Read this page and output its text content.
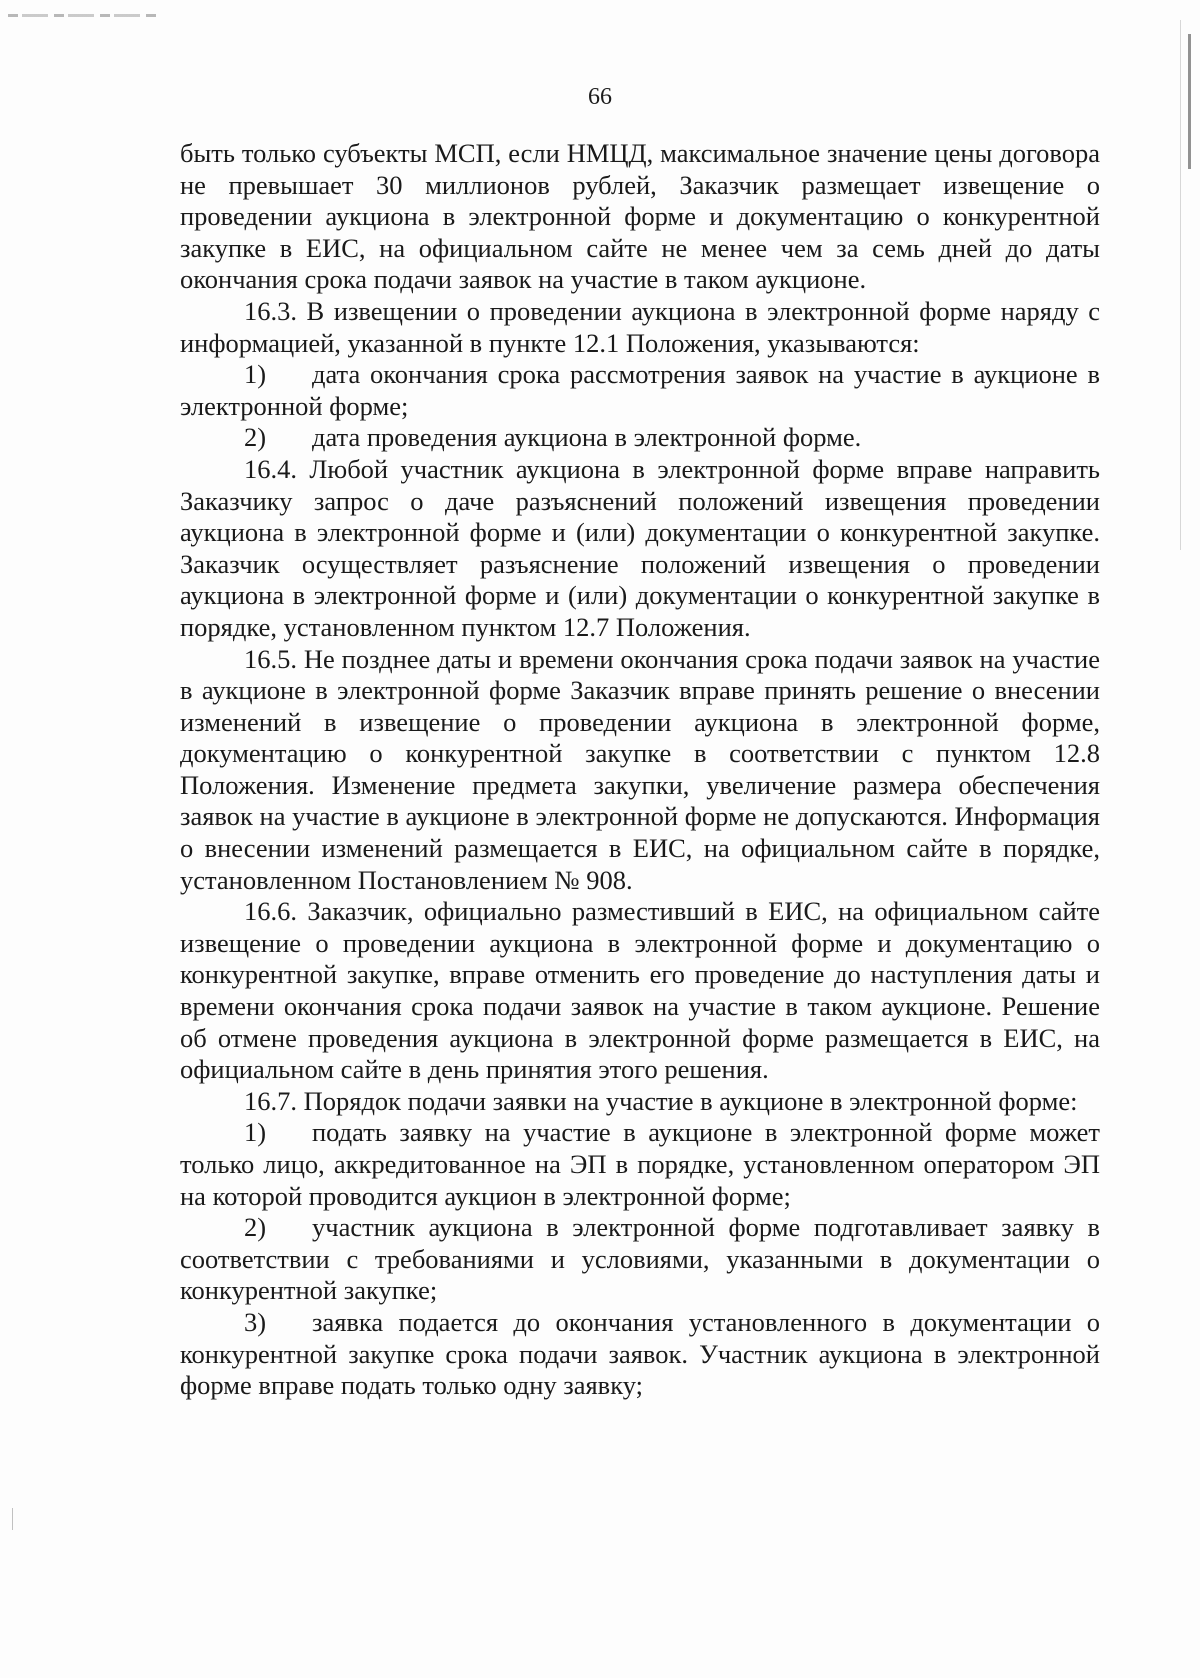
66

быть только субъекты МСП, если НМЦД, максимальное значение цены договора не превышает 30 миллионов рублей, Заказчик размещает извещение о проведении аукциона в электронной форме и документацию о конкурентной закупке в ЕИС, на официальном сайте не менее чем за семь дней до даты окончания срока подачи заявок на участие в таком аукционе.

16.3. В извещении о проведении аукциона в электронной форме наряду с информацией, указанной в пункте 12.1 Положения, указываются:

1) дата окончания срока рассмотрения заявок на участие в аукционе в электронной форме;

2) дата проведения аукциона в электронной форме.

16.4. Любой участник аукциона в электронной форме вправе направить Заказчику запрос о даче разъяснений положений извещения проведении аукциона в электронной форме и (или) документации о конкурентной закупке. Заказчик осуществляет разъяснение положений извещения о проведении аукциона в электронной форме и (или) документации о конкурентной закупке в порядке, установленном пунктом 12.7 Положения.

16.5. Не позднее даты и времени окончания срока подачи заявок на участие в аукционе в электронной форме Заказчик вправе принять решение о внесении изменений в извещение о проведении аукциона в электронной форме, документацию о конкурентной закупке в соответствии с пунктом 12.8 Положения. Изменение предмета закупки, увеличение размера обеспечения заявок на участие в аукционе в электронной форме не допускаются. Информация о внесении изменений размещается в ЕИС, на официальном сайте в порядке, установленном Постановлением № 908.

16.6. Заказчик, официально разместивший в ЕИС, на официальном сайте извещение о проведении аукциона в электронной форме и документацию о конкурентной закупке, вправе отменить его проведение до наступления даты и времени окончания срока подачи заявок на участие в таком аукционе. Решение об отмене проведения аукциона в электронной форме размещается в ЕИС, на официальном сайте в день принятия этого решения.

16.7. Порядок подачи заявки на участие в аукционе в электронной форме:

1) подать заявку на участие в аукционе в электронной форме может только лицо, аккредитованное на ЭП в порядке, установленном оператором ЭП на которой проводится аукцион в электронной форме;

2) участник аукциона в электронной форме подготавливает заявку в соответствии с требованиями и условиями, указанными в документации о конкурентной закупке;

3) заявка подается до окончания установленного в документации о конкурентной закупке срока подачи заявок. Участник аукциона в электронной форме вправе подать только одну заявку;
